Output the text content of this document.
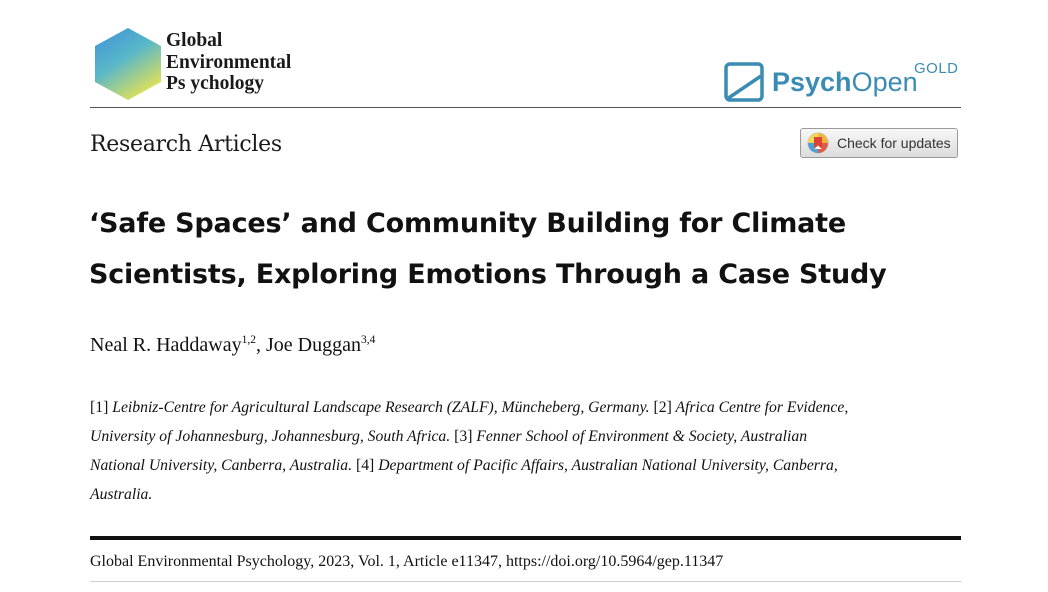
Global
Environmental
Ps ychology	PsychOpen
GOLD
Research Articles	Check for updates
‘Safe Spaces’ and Community Building for Climate
Scientists, Exploring Emotions Through a Case Study
Neal R. Haddaway$^{1,2}$, Joe Duggan$^{3,4}$
[1] Leibniz-Centre for Agricultural Landscape Research (ZALF), Müncheberg, Germany. [2] Africa Centre for Evidence,
University of Johannesburg, Johannesburg, South Africa. [3] Fenner School of Environment & Society, Australian
National University, Canberra, Australia. [4] Department of Pacific Affairs, Australian National University, Canberra,
Australia.
Global Environmental Psychology, 2023, Vol. 1, Article e11347, https://doi.org/10.5964/gep.11347
